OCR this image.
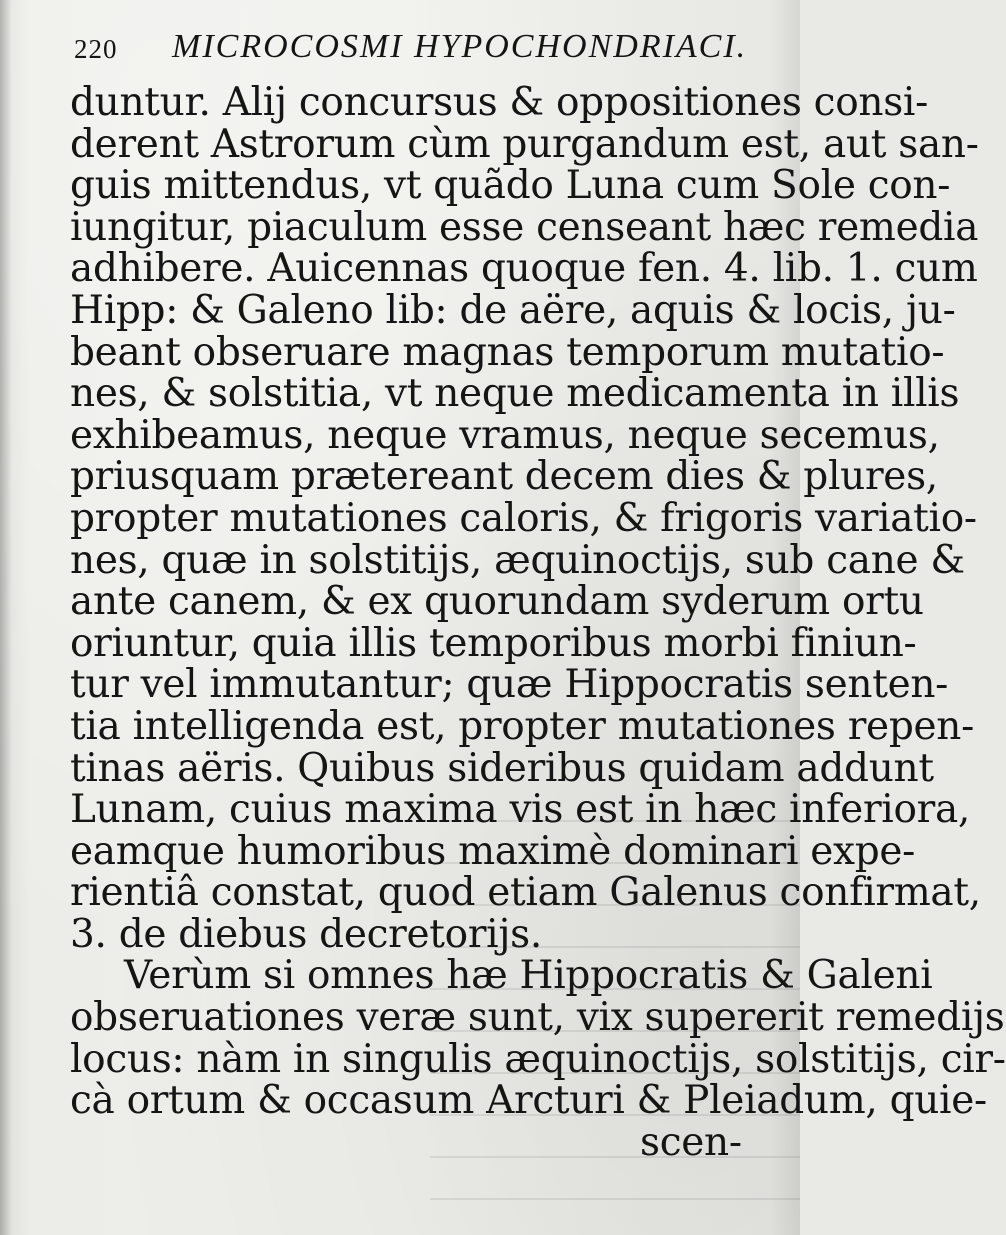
220 MICROCOSMI HYPOCHONDRIACI.
duntur. Alij concursus & oppositiones consi-
derent Astrorum cùm purgandum est, aut san-
guis mittendus, vt quãdo Luna cum Sole con-
iungitur, piaculum esse censeant hæc remedia
adhibere. Auicennas quoque fen. 4. lib. 1. cum
Hipp: & Galeno lib: de aëre, aquis & locis, ju-
beant obseruare magnas temporum mutatio-
nes, & solstitia, vt neque medicamenta in illis
exhibeamus, neque vramus, neque secemus,
priusquam prætereant decem dies & plures,
propter mutationes caloris, & frigoris variatio-
nes, quæ in solstitijs, æquinoctijs, sub cane &
ante canem, & ex quorundam syderum ortu
oriuntur, quia illis temporibus morbi finiun-
tur vel immutantur; quæ Hippocratis senten-
tia intelligenda est, propter mutationes repen-
tinas aëris. Quibus sideribus quidam addunt
Lunam, cuius maxima vis est in hæc inferiora,
eamque humoribus maximè dominari expe-
rientiâ constat, quod etiam Galenus confirmat,
3. de diebus decretorijs.
Verùm si omnes hæ Hippocratis & Galeni
obseruationes veræ sunt, vix supererit remedijs
locus: nàm in singulis æquinoctijs, solstitijs, cir-
cà ortum & occasum Arcturi & Pleiadum, quie-
scen-
